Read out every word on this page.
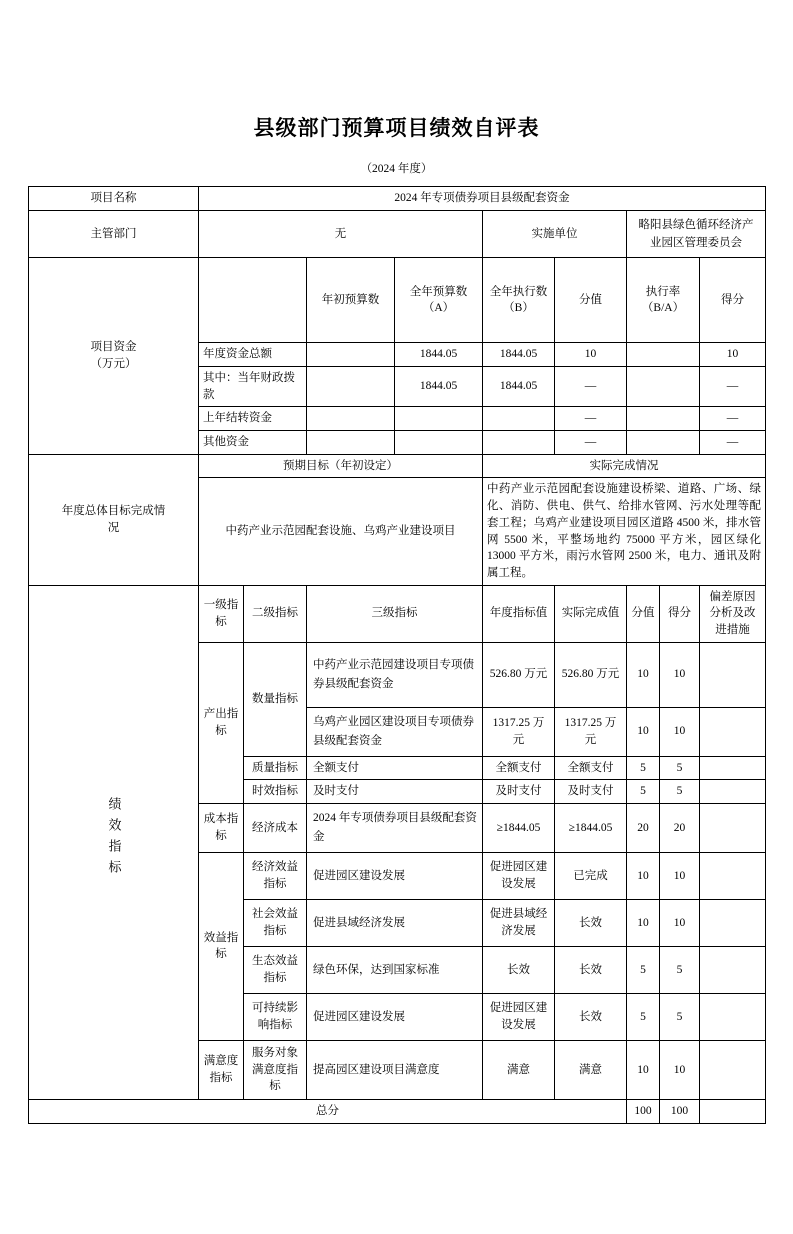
县级部门预算项目绩效自评表
（2024 年度）
项目名称	2024 年专项债券项目县级配套资金								
主管部门	无				实施单位		略阳县绿色循环经济产业园区管理委员会		

项目资金
（万元）			年初预算数	全年预算数（A）	全年执行数（B）	分值	执行率（B/A）		得分
	年度资金总额			1844.05	1844.05	10			10
	其中：当年财政拨款			1844.05	1844.05	—			—
	上年结转资金					—			—
	其他资金					—			—

年度总体目标完成情
况	预期目标（年初设定）				实际完成情况				
	中药产业示范园配套设施、乌鸡产业建设项目				中药产业示范园配套设施建设桥梁、道路、广场、绿化、消防、供电、供气、给排水管网、污水处理等配套工程；乌鸡产业建设项目园区道路 4500 米，排水管网 5500 米，平整场地约 75000 平方米，园区绿化 13000 平方米，雨污水管网 2500 米，电力、通讯及附属工程。				
绩效指标	一级指标	二级指标	三级指标		年度指标值	实际完成值	分值	得分	偏差原因分析及改进措施
	产出指标	数量指标	中药产业示范园建设项目专项债券县级配套资金		526.80 万元	526.80 万元	10	10	
			乌鸡产业园区建设项目专项债券县级配套资金		1317.25 万元	1317.25 万元	10	10	
		质量指标	全额支付		全额支付	全额支付	5	5	
		时效指标	及时支付		及时支付	及时支付	5	5	
	成本指标	经济成本	2024 年专项债券项目县级配套资金		≥1844.05	≥1844.05	20	20	
	效益指标	经济效益指标	促进园区建设发展		促进园区建设发展	已完成	10	10	
		社会效益指标	促进县域经济发展		促进县域经济发展	长效	10	10	
		生态效益指标	绿色环保，达到国家标准		长效	长效	5	5	
		可持续影响指标	促进园区建设发展		促进园区建设发展	长效	5	5	
	满意度指标	服务对象满意度指标	提高园区建设项目满意度		满意	满意	10	10	
总分							100	100	
